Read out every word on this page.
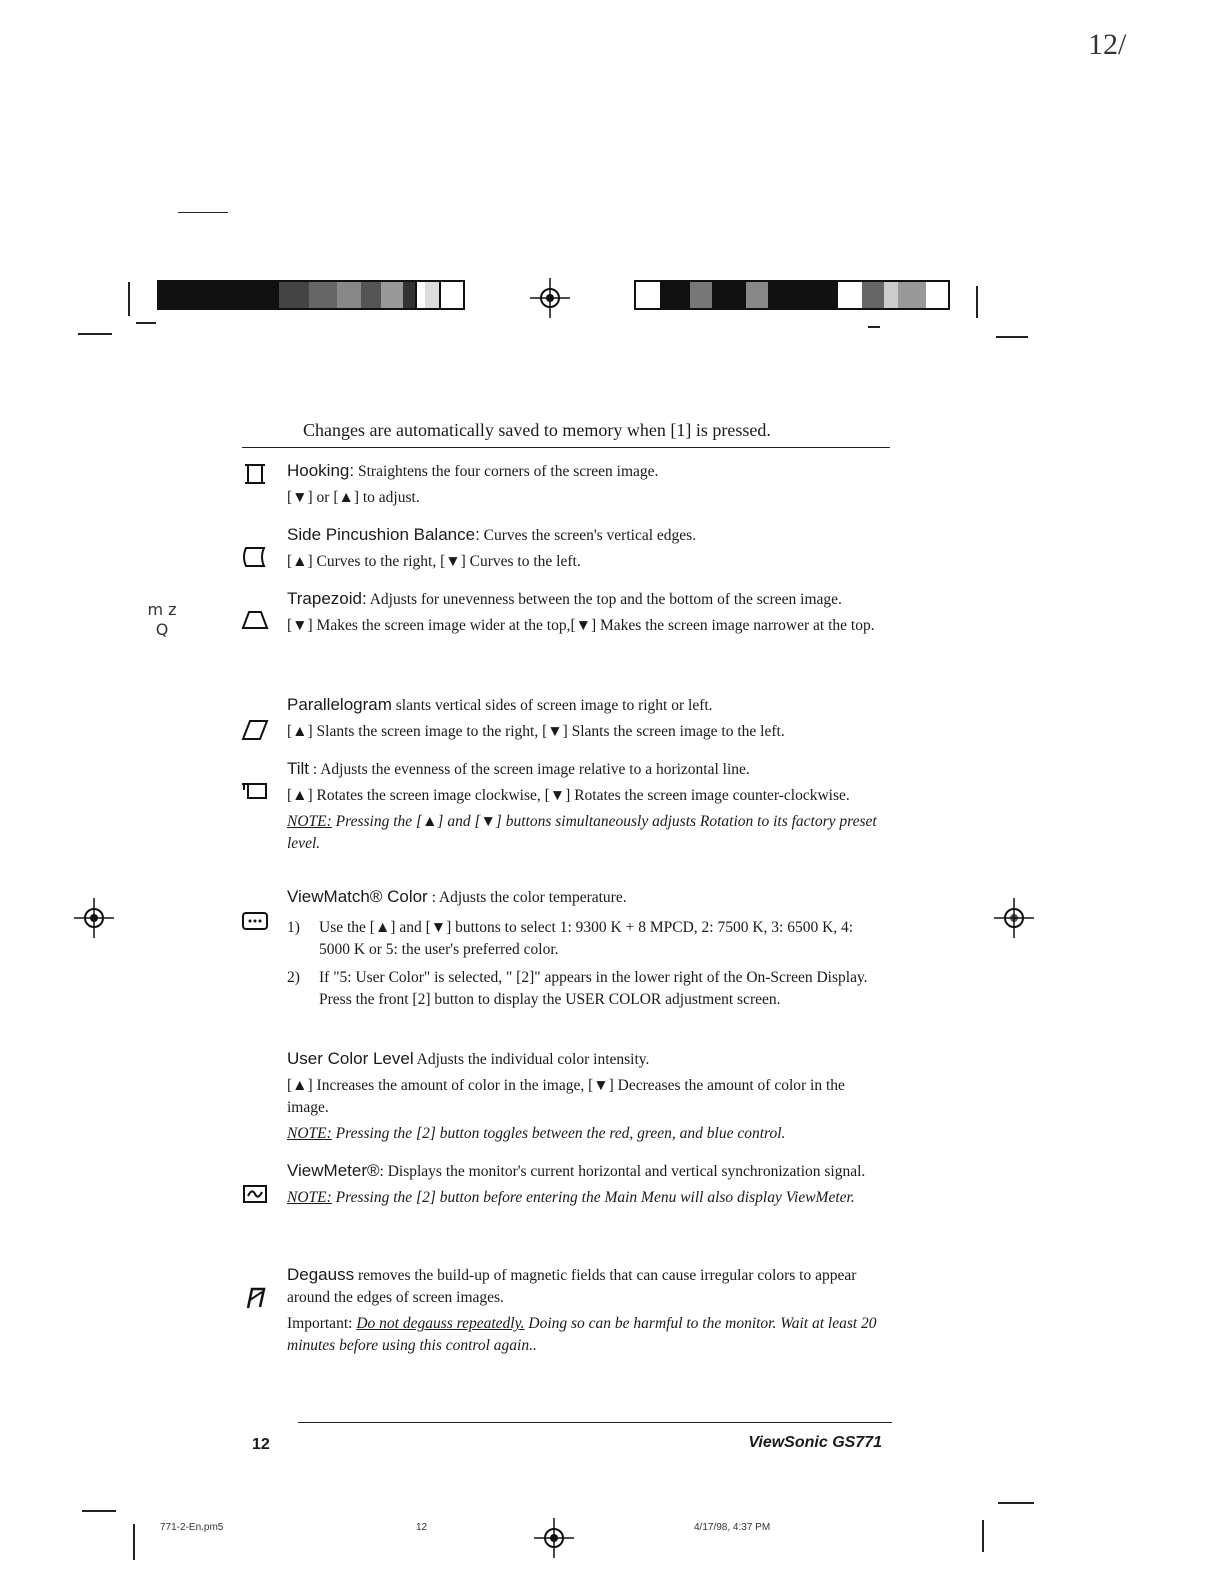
12/
m z Q
Changes are automatically saved to memory when [1] is pressed.

Hooking: Straightens the four corners of the screen image.

[▼] or [▲] to adjust.

Side Pincushion Balance: Curves the screen's vertical edges.

[▲] Curves to the right, [▼] Curves to the left.

Trapezoid: Adjusts for unevenness between the top and the bottom of the screen image.

[▼] Makes the screen image wider at the top,[▼] Makes the screen image narrower at the top.

Parallelogram slants vertical sides of screen image to right or left.

[▲] Slants the screen image to the right, [▼] Slants the screen image to the left.

Tilt : Adjusts the evenness of the screen image relative to a horizontal line.

[▲] Rotates the screen image clockwise, [▼] Rotates the screen image counter-clockwise.

NOTE: Pressing the [▲] and [▼] buttons simultaneously adjusts Rotation to its factory preset level.

ViewMatch® Color : Adjusts the color temperature.

1)	Use the [▲] and [▼] buttons to select 1: 9300 K + 8 MPCD, 2: 7500 K, 3: 6500 K, 4: 5000 K or 5: the user's preferred color.
2)	If "5: User Color" is selected, " [2]" appears in the lower right of the On-Screen Display. Press the front [2] button to display the USER COLOR adjustment screen.

User Color Level Adjusts the individual color intensity.

[▲] Increases the amount of color in the image, [▼] Decreases the amount of color in the image.

NOTE: Pressing the [2] button toggles between the red, green, and blue control.

ViewMeter®: Displays the monitor's current horizontal and vertical synchronization signal.

NOTE: Pressing the [2] button before entering the Main Menu will also display ViewMeter.

Degauss removes the build-up of magnetic fields that can cause irregular colors to appear around the edges of screen images.

Important: Do not degauss repeatedly. Doing so can be harmful to the monitor. Wait at least 20 minutes before using this control again..

12	ViewSonic GS771
771-2-En.pm5	12	4/17/98, 4:37 PM
